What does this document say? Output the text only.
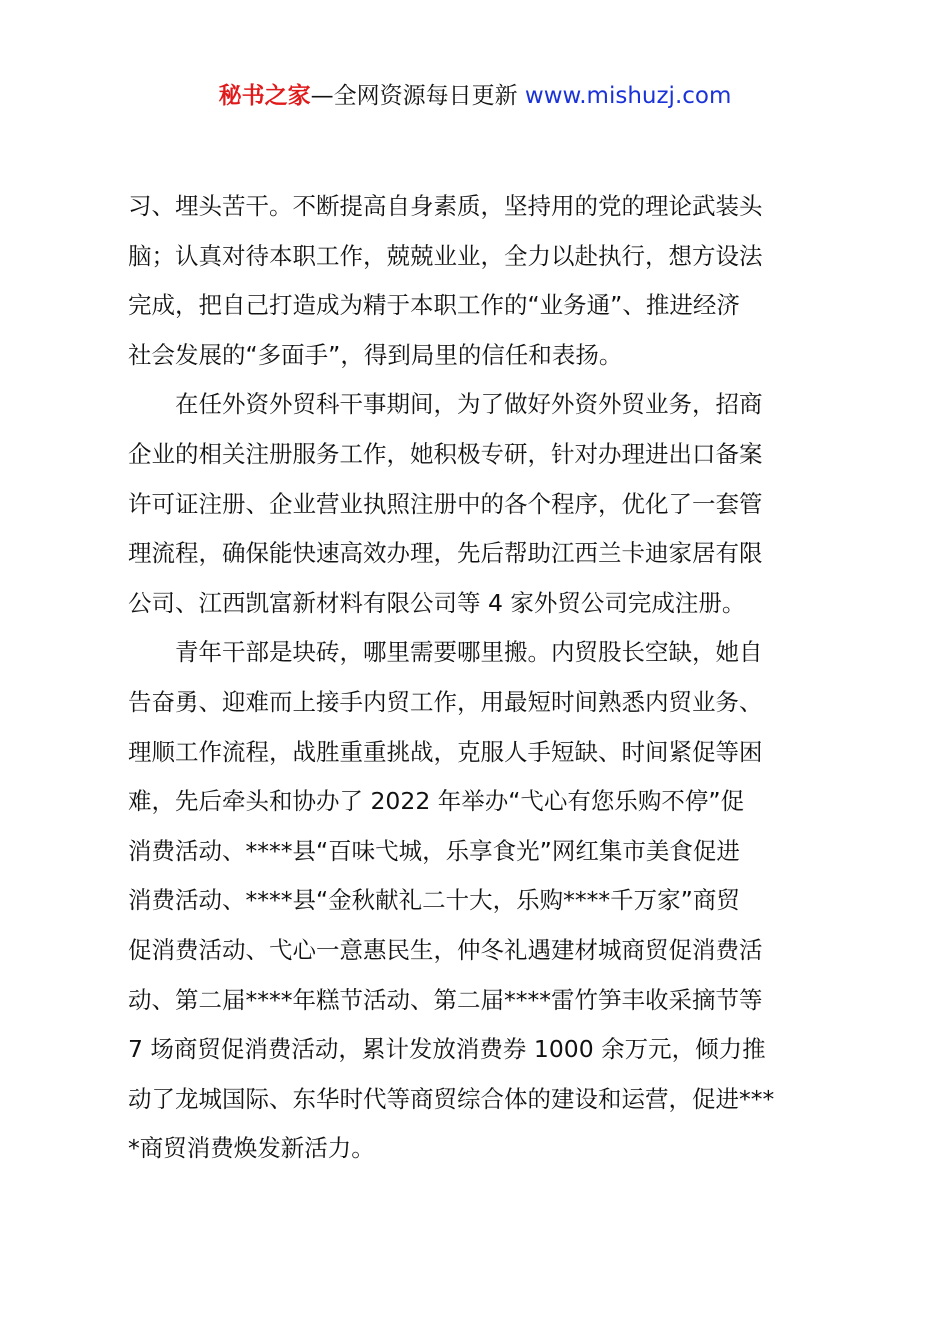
秘书之家—全网资源每日更新 www.mishuzj.com
习、埋头苦干。不断提高自身素质，坚持用的党的理论武装头
脑；认真对待本职工作，兢兢业业，全力以赴执行，想方设法
完成，把自己打造成为精于本职工作的“业务通”、推进经济
社会发展的“多面手”，得到局里的信任和表扬。
在任外资外贸科干事期间，为了做好外资外贸业务，招商
企业的相关注册服务工作，她积极专研，针对办理进出口备案
许可证注册、企业营业执照注册中的各个程序，优化了一套管
理流程，确保能快速高效办理，先后帮助江西兰卡迪家居有限
公司、江西凯富新材料有限公司等 4 家外贸公司完成注册。
青年干部是块砖，哪里需要哪里搬。内贸股长空缺，她自
告奋勇、迎难而上接手内贸工作，用最短时间熟悉内贸业务、
理顺工作流程，战胜重重挑战，克服人手短缺、时间紧促等困
难，先后牵头和协办了 2022 年举办“弋心有您乐购不停”促
消费活动、****县“百味弋城，乐享食光”网红集市美食促进
消费活动、****县“金秋献礼二十大，乐购****千万家”商贸
促消费活动、弋心一意惠民生，仲冬礼遇建材城商贸促消费活
动、第二届****年糕节活动、第二届****雷竹笋丰收采摘节等
7 场商贸促消费活动，累计发放消费券 1000 余万元，倾力推
动了龙城国际、东华时代等商贸综合体的建设和运营，促进***
*商贸消费焕发新活力。
